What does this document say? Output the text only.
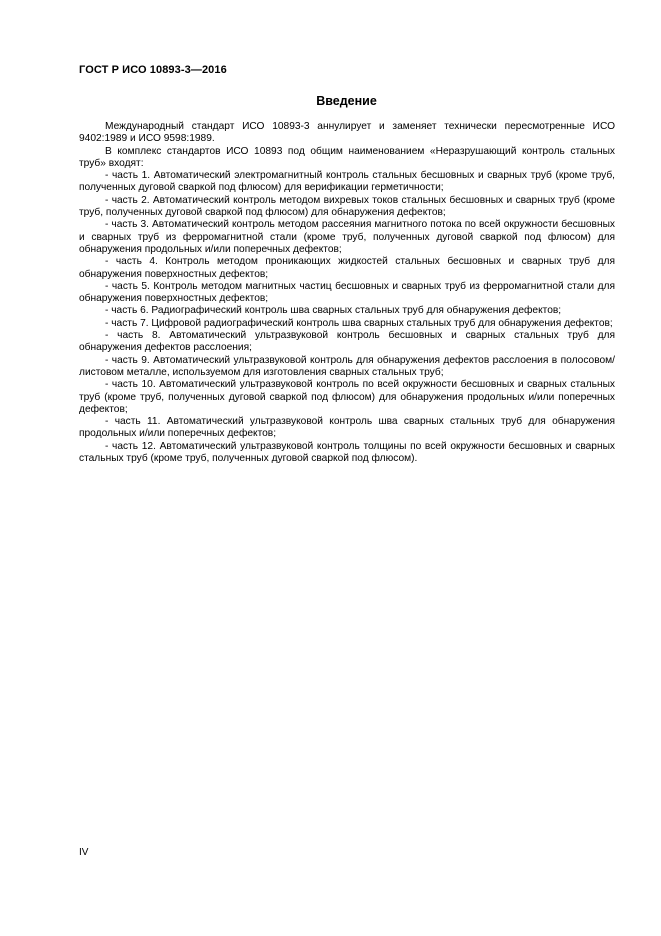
ГОСТ Р ИСО 10893-3—2016
Введение

Международный стандарт ИСО 10893-3 аннулирует и заменяет технически пересмотренные ИСО 9402:1989 и ИСО 9598:1989.

В комплекс стандартов ИСО 10893 под общим наименованием «Неразрушающий контроль стальных труб» входят:

- часть 1. Автоматический электромагнитный контроль стальных бесшовных и сварных труб (кроме труб, полученных дуговой сваркой под флюсом) для верификации герметичности;

- часть 2. Автоматический контроль методом вихревых токов стальных бесшовных и сварных труб (кроме труб, полученных дуговой сваркой под флюсом) для обнаружения дефектов;

- часть 3. Автоматический контроль методом рассеяния магнитного потока по всей окружности бесшовных и сварных труб из ферромагнитной стали (кроме труб, полученных дуговой сваркой под флюсом) для обнаружения продольных и/или поперечных дефектов;

- часть 4. Контроль методом проникающих жидкостей стальных бесшовных и сварных труб для обнаружения поверхностных дефектов;

- часть 5. Контроль методом магнитных частиц бесшовных и сварных труб из ферромагнитной стали для обнаружения поверхностных дефектов;

- часть 6. Радиографический контроль шва сварных стальных труб для обнаружения дефектов;

- часть 7. Цифровой радиографический контроль шва сварных стальных труб для обнаружения дефектов;

- часть 8. Автоматический ультразвуковой контроль бесшовных и сварных стальных труб для обнаружения дефектов расслоения;

- часть 9. Автоматический ультразвуковой контроль для обнаружения дефектов расслоения в полосовом/листовом металле, используемом для изготовления сварных стальных труб;

- часть 10. Автоматический ультразвуковой контроль по всей окружности бесшовных и сварных стальных труб (кроме труб, полученных дуговой сваркой под флюсом) для обнаружения продольных и/или поперечных дефектов;

- часть 11. Автоматический ультразвуковой контроль шва сварных стальных труб для обнаружения продольных и/или поперечных дефектов;

- часть 12. Автоматический ультразвуковой контроль толщины по всей окружности бесшовных и сварных стальных труб (кроме труб, полученных дуговой сваркой под флюсом).

IV
